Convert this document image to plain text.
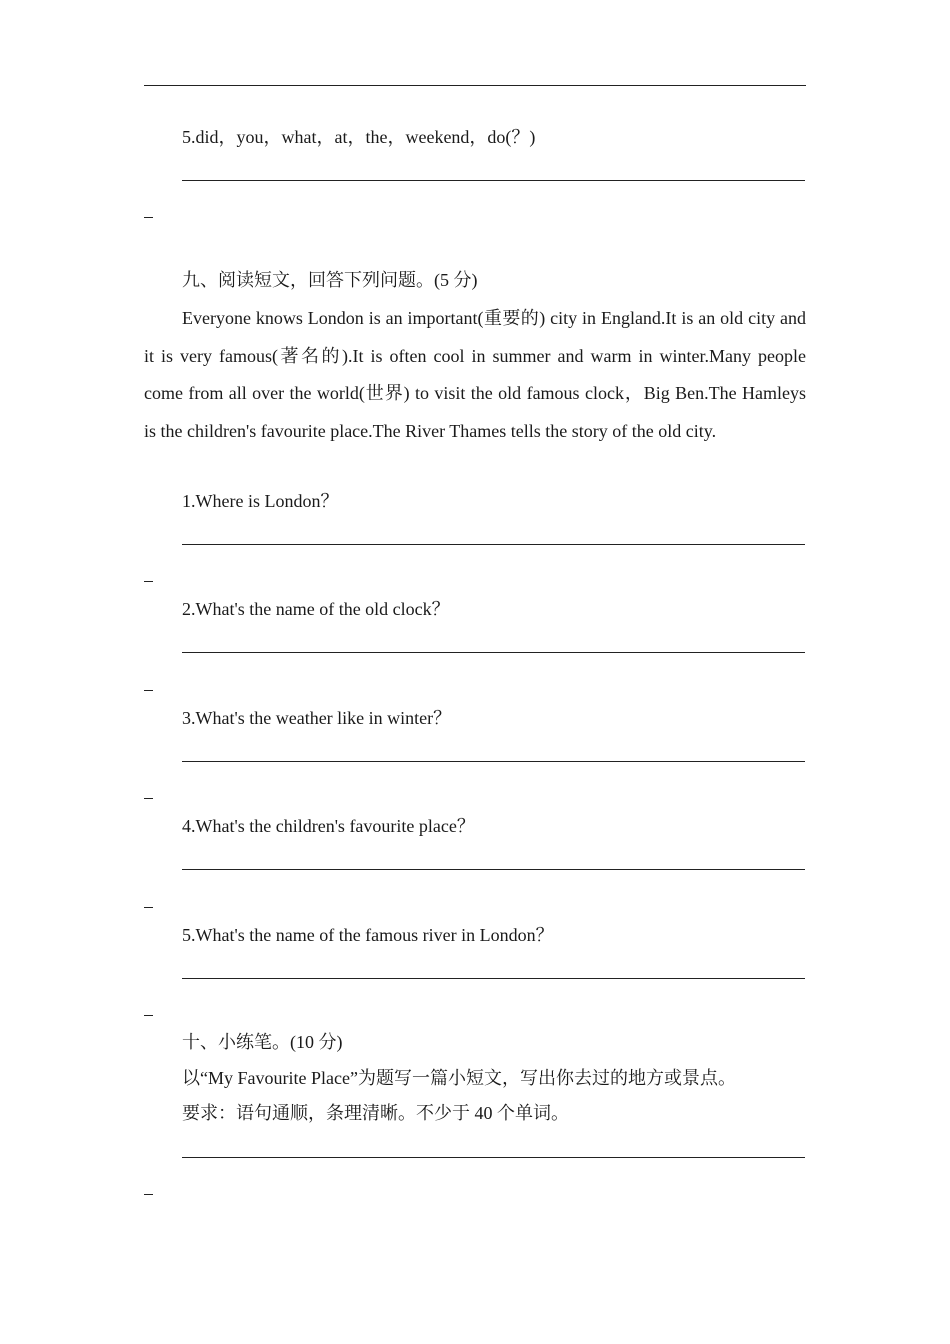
5.did，you，what，at，the，weekend，do(？)
九、阅读短文，回答下列问题。(5 分)

Everyone knows London is an important(重要的) city in England.It is an old city and it is very famous(著名的).It is often cool in summer and warm in winter.Many people come from all over the world(世界) to visit the old famous clock，Big Ben.The Hamleys is the children's favourite place.The River Thames tells the story of the old city.

1.Where is London？
2.What's the name of the old clock？
3.What's the weather like in winter？
4.What's the children's favourite place？
5.What's the name of the famous river in London？
十、小练笔。(10 分)
以“My Favourite Place”为题写一篇小短文，写出你去过的地方或景点。
要求：语句通顺，条理清晰。不少于 40 个单词。
